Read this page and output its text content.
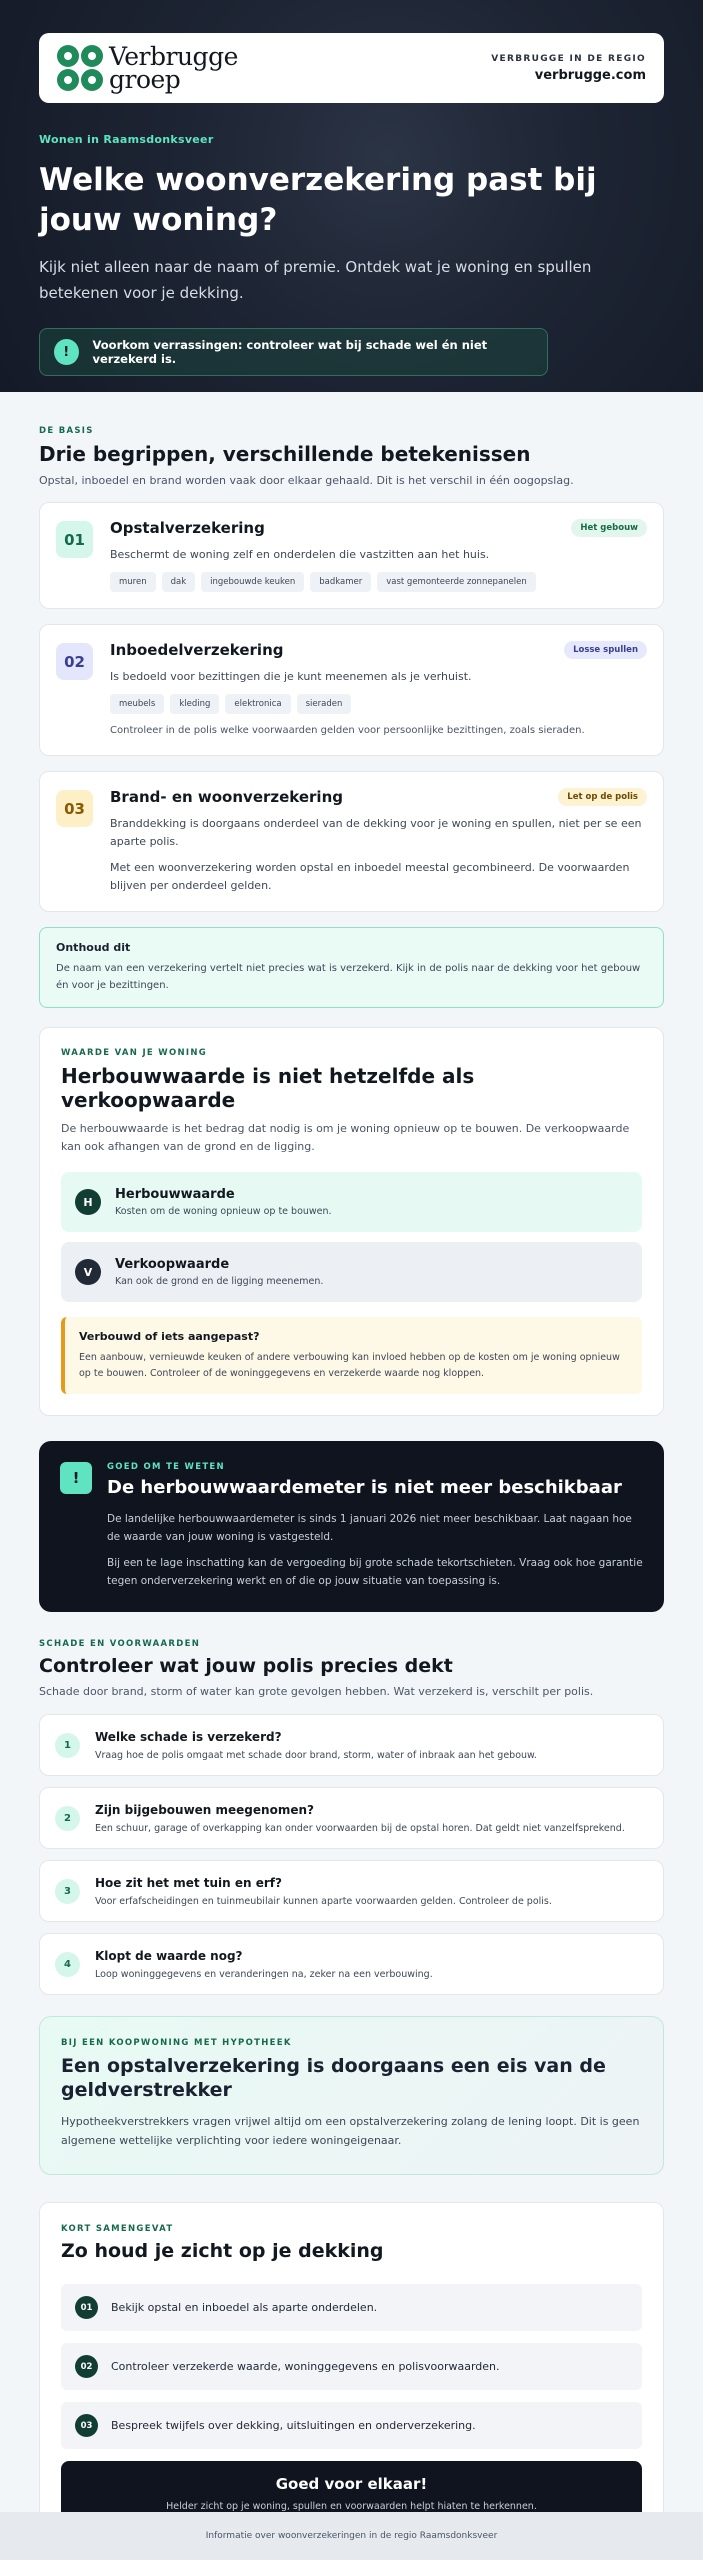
Verbrugge
groep
VERBRUGGE IN DE REGIO
verbrugge.com
Wonen in Raamsdonksveer
Welke woonverzekering past bij jouw woning?

Kijk niet alleen naar de naam of premie. Ontdek wat je woning en spullen betekenen voor je dekking.

!	Voorkom verrassingen: controleer wat bij schade wel én niet verzekerd is.
DE BASIS
Drie begrippen, verschillende betekenissen

Opstal, inboedel en brand worden vaak door elkaar gehaald. Dit is het verschil in één oogopslag.

01
Opstalverzekering	Het gebouw
Beschermt de woning zelf en onderdelen die vastzitten aan het huis.
muren	dak	ingebouwde keuken	badkamer	vast gemonteerde zonnepanelen
02
Inboedelverzekering	Losse spullen
Is bedoeld voor bezittingen die je kunt meenemen als je verhuist.
meubels	kleding	elektronica	sieraden
Controleer in de polis welke voorwaarden gelden voor persoonlijke bezittingen, zoals sieraden.
03
Brand- en woonverzekering	Let op de polis
Branddekking is doorgaans onderdeel van de dekking voor je woning en spullen, niet per se een aparte polis.
Met een woonverzekering worden opstal en inboedel meestal gecombineerd. De voorwaarden blijven per onderdeel gelden.
Onthoud dit
De naam van een verzekering vertelt niet precies wat is verzekerd. Kijk in de polis naar de dekking voor het gebouw én voor je bezittingen.
WAARDE VAN JE WONING
Herbouwwaarde is niet hetzelfde als verkoopwaarde

De herbouwwaarde is het bedrag dat nodig is om je woning opnieuw op te bouwen. De verkoopwaarde kan ook afhangen van de grond en de ligging.

H	Herbouwwaarde
Kosten om de woning opnieuw op te bouwen.
V	Verkoopwaarde
Kan ook de grond en de ligging meenemen.
Verbouwd of iets aangepast?
Een aanbouw, vernieuwde keuken of andere verbouwing kan invloed hebben op de kosten om je woning opnieuw op te bouwen. Controleer of de woninggegevens en verzekerde waarde nog kloppen.
!
GOED OM TE WETEN
De herbouwwaardemeter is niet meer beschikbaar

De landelijke herbouwwaardemeter is sinds 1 januari 2026 niet meer beschikbaar. Laat nagaan hoe de waarde van jouw woning is vastgesteld.

Bij een te lage inschatting kan de vergoeding bij grote schade tekortschieten. Vraag ook hoe garantie tegen onderverzekering werkt en of die op jouw situatie van toepassing is.

SCHADE EN VOORWAARDEN
Controleer wat jouw polis precies dekt

Schade door brand, storm of water kan grote gevolgen hebben. Wat verzekerd is, verschilt per polis.

1
Welke schade is verzekerd?
Vraag hoe de polis omgaat met schade door brand, storm, water of inbraak aan het gebouw.
2
Zijn bijgebouwen meegenomen?
Een schuur, garage of overkapping kan onder voorwaarden bij de opstal horen. Dat geldt niet vanzelfsprekend.
3
Hoe zit het met tuin en erf?
Voor erfafscheidingen en tuinmeubilair kunnen aparte voorwaarden gelden. Controleer de polis.
4
Klopt de waarde nog?
Loop woninggegevens en veranderingen na, zeker na een verbouwing.
BIJ EEN KOOPWONING MET HYPOTHEEK
Een opstalverzekering is doorgaans een eis van de geldverstrekker
Hypotheekverstrekkers vragen vrijwel altijd om een opstalverzekering zolang de lening loopt. Dit is geen algemene wettelijke verplichting voor iedere woningeigenaar.
KORT SAMENGEVAT
Zo houd je zicht op je dekking
01	Bekijk opstal en inboedel als aparte onderdelen.
02	Controleer verzekerde waarde, woninggegevens en polisvoorwaarden.
03	Bespreek twijfels over dekking, uitsluitingen en onderverzekering.
Goed voor elkaar!
Helder zicht op je woning, spullen en voorwaarden helpt hiaten te herkennen.
Informatie over woonverzekeringen in de regio Raamsdonksveer
